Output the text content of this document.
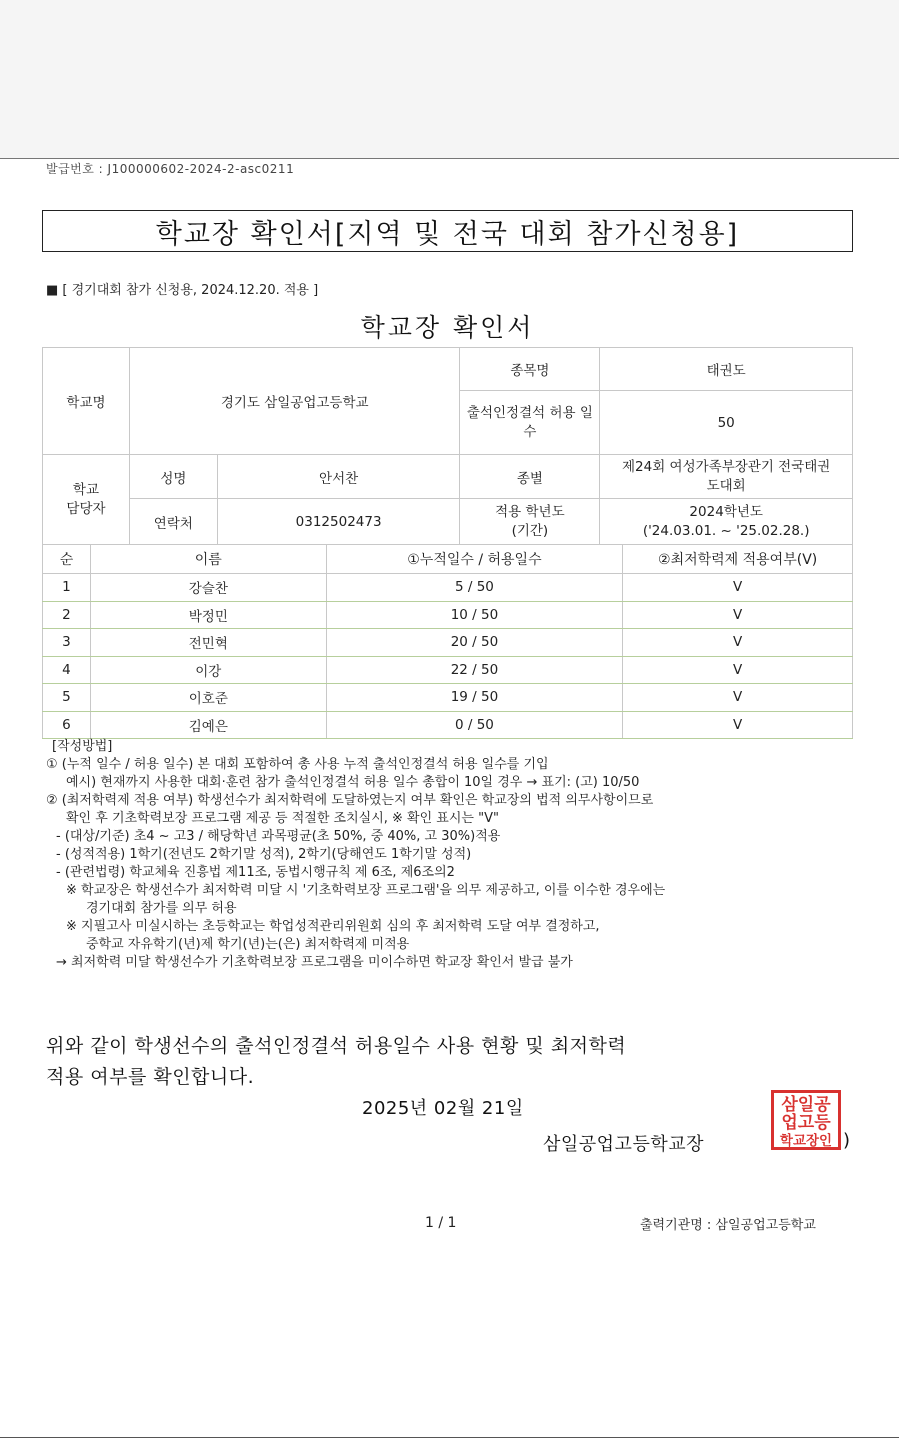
발급번호 : J100000602-2024-2-asc0211
학교장 확인서[지역 및 전국 대회 참가신청용]
■ [ 경기대회 참가 신청용, 2024.12.20. 적용 ]
학교장 확인서
학교명	경기도 삼일공업고등학교		종목명	태권도
			출석인정결석 허용 일수	50
학교 담당자	성명	안서찬	종별	제24회 여성가족부장관기 전국태권도대회
	연락처	0312502473	적용 학년도 (기간)	2024학년도
('24.03.01. ~ '25.02.28.)
순	이름	①누적일수 / 허용일수	②최저학력제 적용여부(V)
1	강슬찬	5 / 50	V
2	박정민	10 / 50	V
3	전민혁	20 / 50	V
4	이강	22 / 50	V
5	이호준	19 / 50	V
6	김예은	0 / 50	V
[작성방법]
① (누적 일수 / 허용 일수) 본 대회 포함하여 총 사용 누적 출석인정결석 허용 일수를 기입
예시) 현재까지 사용한 대회·훈련 참가 출석인정결석 허용 일수 총합이 10일 경우 → 표기: (고) 10/50
② (최저학력제 적용 여부) 학생선수가 최저학력에 도달하였는지 여부 확인은 학교장의 법적 의무사항이므로
확인 후 기초학력보장 프로그램 제공 등 적절한 조치실시, ※ 확인 표시는 "V"
- (대상/기준) 초4 ~ 고3 / 해당학년 과목평균(초 50%, 중 40%, 고 30%)적용
- (성적적용) 1학기(전년도 2학기말 성적), 2학기(당해연도 1학기말 성적)
- (관련법령) 학교체육 진흥법 제11조, 동법시행규칙 제 6조, 제6조의2
※ 학교장은 학생선수가 최저학력 미달 시 '기초학력보장 프로그램'을 의무 제공하고, 이를 이수한 경우에는
경기대회 참가를 의무 허용
※ 지필고사 미실시하는 초등학교는 학업성적관리위원회 심의 후 최저학력 도달 여부 결정하고,
중학교 자유학기(년)제 학기(년)는(은) 최저학력제 미적용
→ 최저학력 미달 학생선수가 기초학력보장 프로그램을 미이수하면 학교장 확인서 발급 불가
위와 같이 학생선수의 출석인정결석 허용일수 사용 현황 및 최저학력
적용 여부를 확인합니다.
2025년 02월 21일
삼일공업고등학교장
삼일공
업고등
학교장인 )
1 / 1	출력기관명 : 삼일공업고등학교
